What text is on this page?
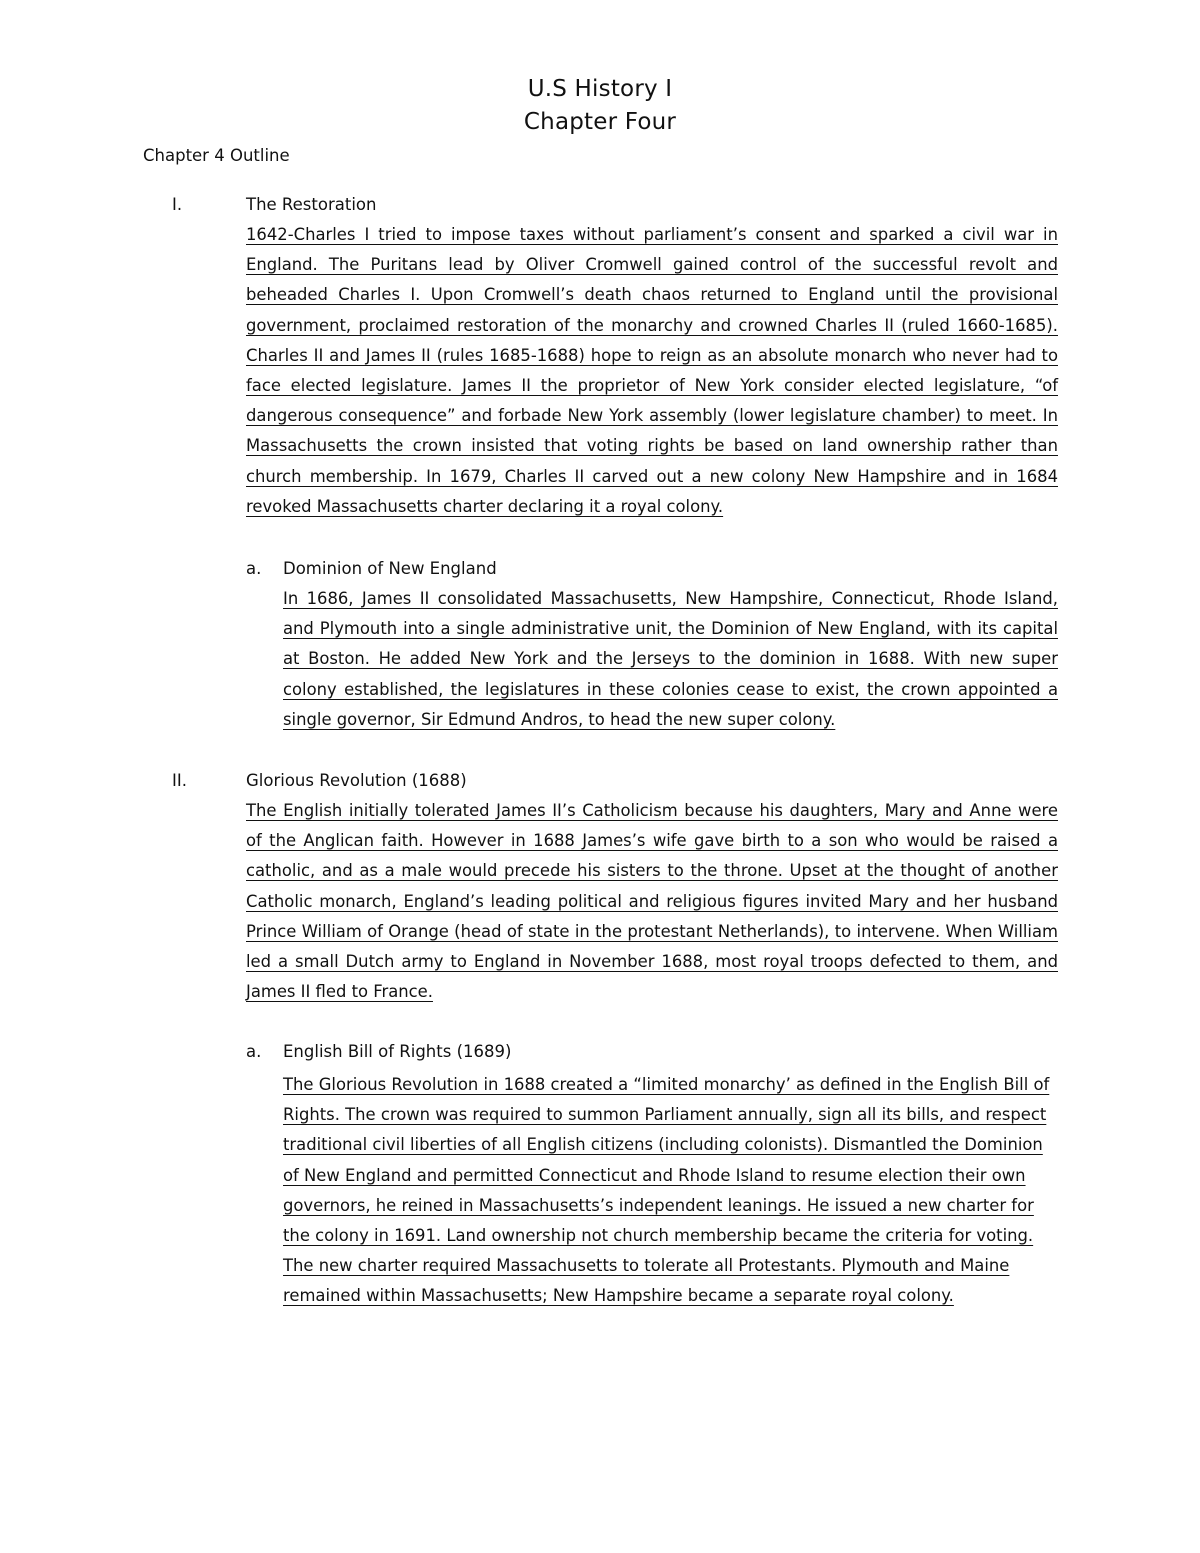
U.S History I
Chapter Four
Chapter 4 Outline
I.	The Restoration
1642-Charles I tried to impose taxes without parliament’s consent and sparked a civil war in England. The Puritans lead by Oliver Cromwell gained control of the successful revolt and beheaded Charles I. Upon Cromwell’s death chaos returned to England until the provisional government, proclaimed restoration of the monarchy and crowned Charles II (ruled 1660-1685). Charles II and James II (rules 1685-1688) hope to reign as an absolute monarch who never had to face elected legislature. James II the proprietor of New York consider elected legislature, “of dangerous consequence” and forbade New York assembly (lower legislature chamber) to meet. In Massachusetts the crown insisted that voting rights be based on land ownership rather than church membership. In 1679, Charles II carved out a new colony New Hampshire and in 1684 revoked Massachusetts charter declaring it a royal colony.
a. Dominion of New England
In 1686, James II consolidated Massachusetts, New Hampshire, Connecticut, Rhode Island, and Plymouth into a single administrative unit, the Dominion of New England, with its capital at Boston. He added New York and the Jerseys to the dominion in 1688. With new super colony established, the legislatures in these colonies cease to exist, the crown appointed a single governor, Sir Edmund Andros, to head the new super colony.
II.	Glorious Revolution (1688)
The English initially tolerated James II’s Catholicism because his daughters, Mary and Anne were of the Anglican faith. However in 1688 James’s wife gave birth to a son who would be raised a catholic, and as a male would precede his sisters to the throne. Upset at the thought of another Catholic monarch, England’s leading political and religious figures invited Mary and her husband Prince William of Orange (head of state in the protestant Netherlands), to intervene. When William led a small Dutch army to England in November 1688, most royal troops defected to them, and James II fled to France.
a. English Bill of Rights (1689)
The Glorious Revolution in 1688 created a “limited monarchy’ as defined in the English Bill of Rights. The crown was required to summon Parliament annually, sign all its bills, and respect traditional civil liberties of all English citizens (including colonists). Dismantled the Dominion of New England and permitted Connecticut and Rhode Island to resume election their own governors, he reined in Massachusetts’s independent leanings. He issued a new charter for the colony in 1691. Land ownership not church membership became the criteria for voting. The new charter required Massachusetts to tolerate all Protestants. Plymouth and Maine remained within Massachusetts; New Hampshire became a separate royal colony.
